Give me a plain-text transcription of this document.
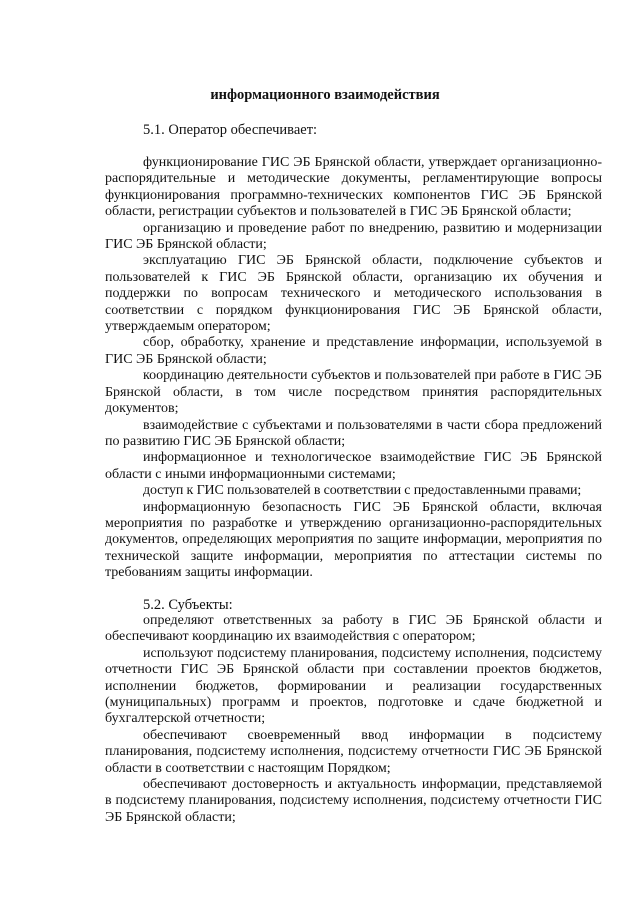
информационного взаимодействия
5.1. Оператор обеспечивает:

функционирование ГИС ЭБ Брянской области, утверждает организационно-распорядительные и методические документы, регламентирующие вопросы функционирования программно-технических компонентов ГИС ЭБ Брянской области, регистрации субъектов и пользователей в ГИС ЭБ Брянской области;

организацию и проведение работ по внедрению, развитию и модернизации ГИС ЭБ Брянской области;

эксплуатацию ГИС ЭБ Брянской области, подключение субъектов и пользователей к ГИС ЭБ Брянской области, организацию их обучения и поддержки по вопросам технического и методического использования в соответствии с порядком функционирования ГИС ЭБ Брянской области, утверждаемым оператором;

сбор, обработку, хранение и представление информации, используемой в ГИС ЭБ Брянской области;

координацию деятельности субъектов и пользователей при работе в ГИС ЭБ Брянской области, в том числе посредством принятия распорядительных документов;

взаимодействие с субъектами и пользователями в части сбора предложений по развитию ГИС ЭБ Брянской области;

информационное и технологическое взаимодействие ГИС ЭБ Брянской области с иными информационными системами;

доступ к ГИС пользователей в соответствии с предоставленными правами;

информационную безопасность ГИС ЭБ Брянской области, включая мероприятия по разработке и утверждению организационно-распорядительных документов, определяющих мероприятия по защите информации, мероприятия по технической защите информации, мероприятия по аттестации системы по требованиям защиты информации.

5.2. Субъекты:

определяют ответственных за работу в ГИС ЭБ Брянской области и обеспечивают координацию их взаимодействия с оператором;

используют подсистему планирования, подсистему исполнения, подсистему отчетности ГИС ЭБ Брянской области при составлении проектов бюджетов, исполнении бюджетов, формировании и реализации государственных (муниципальных) программ и проектов, подготовке и сдаче бюджетной и бухгалтерской отчетности;

обеспечивают своевременный ввод информации в подсистему планирования, подсистему исполнения, подсистему отчетности ГИС ЭБ Брянской области в соответствии с настоящим Порядком;

обеспечивают достоверность и актуальность информации, представляемой в подсистему планирования, подсистему исполнения, подсистему отчетности ГИС ЭБ Брянской области;
